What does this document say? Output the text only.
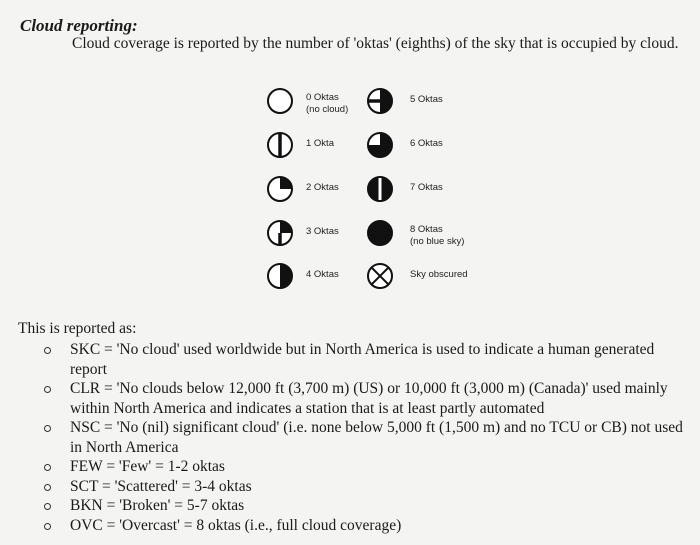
Cloud reporting:
Cloud coverage is reported by the number of 'oktas' (eighths) of the sky that is occupied by cloud.
0 Oktas
(no cloud)
1 Okta
2 Oktas
3 Oktas
4 Oktas
5 Oktas
6 Oktas
7 Oktas
8 Oktas
(no blue sky)
Sky obscured
This is reported as:
SKC = 'No cloud' used worldwide but in North America is used to indicate a human generated report
CLR = 'No clouds below 12,000 ft (3,700 m) (US) or 10,000 ft (3,000 m) (Canada)' used mainly within North America and indicates a station that is at least partly automated
NSC = 'No (nil) significant cloud' (i.e. none below 5,000 ft (1,500 m) and no TCU or CB) not used in North America
FEW = 'Few' = 1-2 oktas
SCT = 'Scattered' = 3-4 oktas
BKN = 'Broken' = 5-7 oktas
OVC = 'Overcast' = 8 oktas (i.e., full cloud coverage)
